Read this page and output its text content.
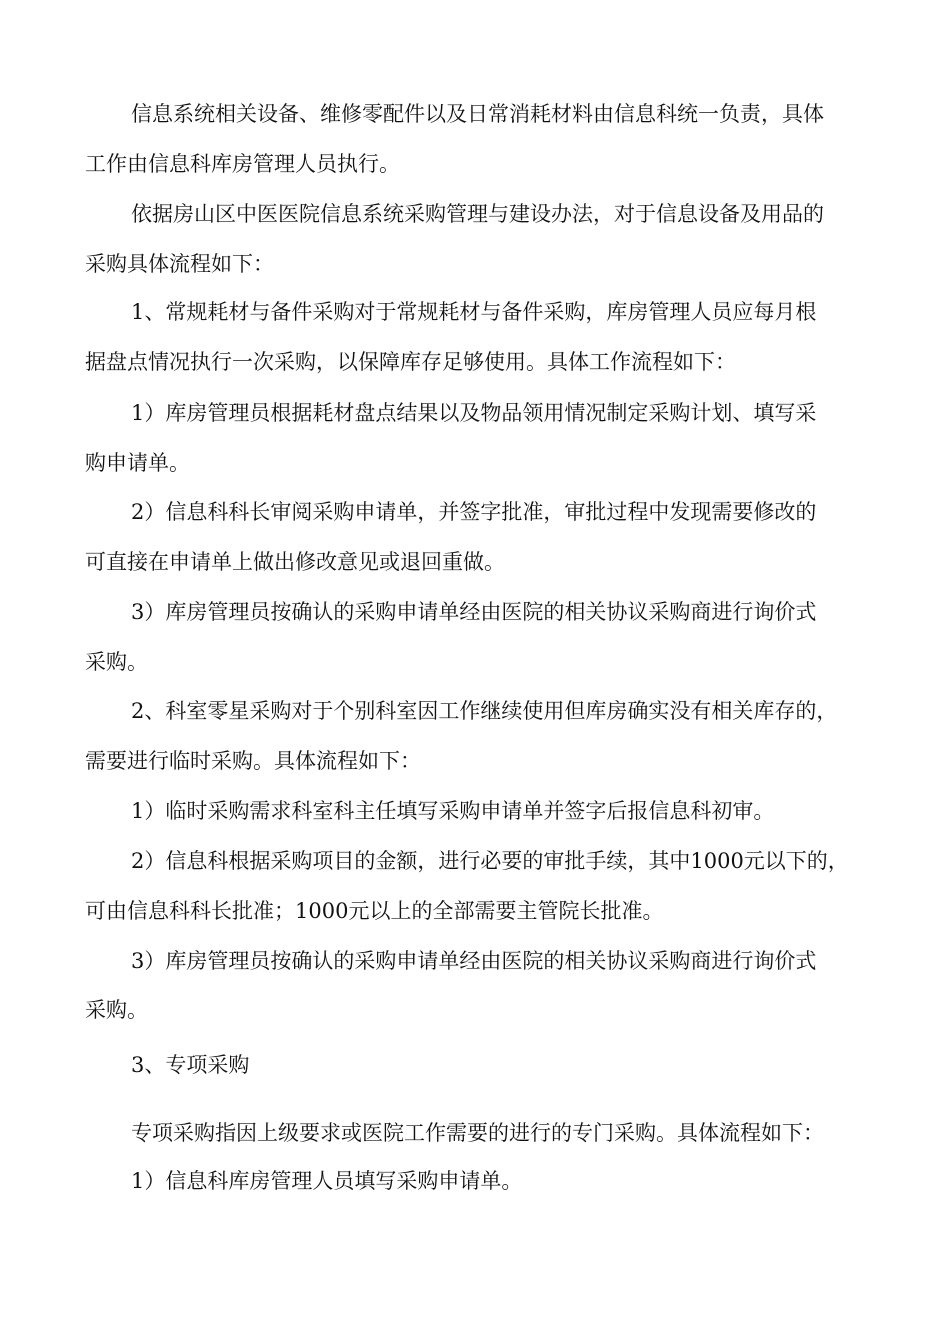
信息系统相关设备、维修零配件以及日常消耗材料由信息科统一负责，具体
工作由信息科库房管理人员执行。
依据房山区中医医院信息系统采购管理与建设办法，对于信息设备及用品的
采购具体流程如下：
1、常规耗材与备件采购对于常规耗材与备件采购，库房管理人员应每月根
据盘点情况执行一次采购，以保障库存足够使用。具体工作流程如下：
1）库房管理员根据耗材盘点结果以及物品领用情况制定采购计划、填写采
购申请单。
2）信息科科长审阅采购申请单，并签字批准，审批过程中发现需要修改的
可直接在申请单上做出修改意见或退回重做。
3）库房管理员按确认的采购申请单经由医院的相关协议采购商进行询价式
采购。
2、科室零星采购对于个别科室因工作继续使用但库房确实没有相关库存的，
需要进行临时采购。具体流程如下：
1）临时采购需求科室科主任填写采购申请单并签字后报信息科初审。
2）信息科根据采购项目的金额，进行必要的审批手续，其中1000元以下的，
可由信息科科长批准；1000元以上的全部需要主管院长批准。
3）库房管理员按确认的采购申请单经由医院的相关协议采购商进行询价式
采购。
3、专项采购
专项采购指因上级要求或医院工作需要的进行的专门采购。具体流程如下：
1）信息科库房管理人员填写采购申请单。
